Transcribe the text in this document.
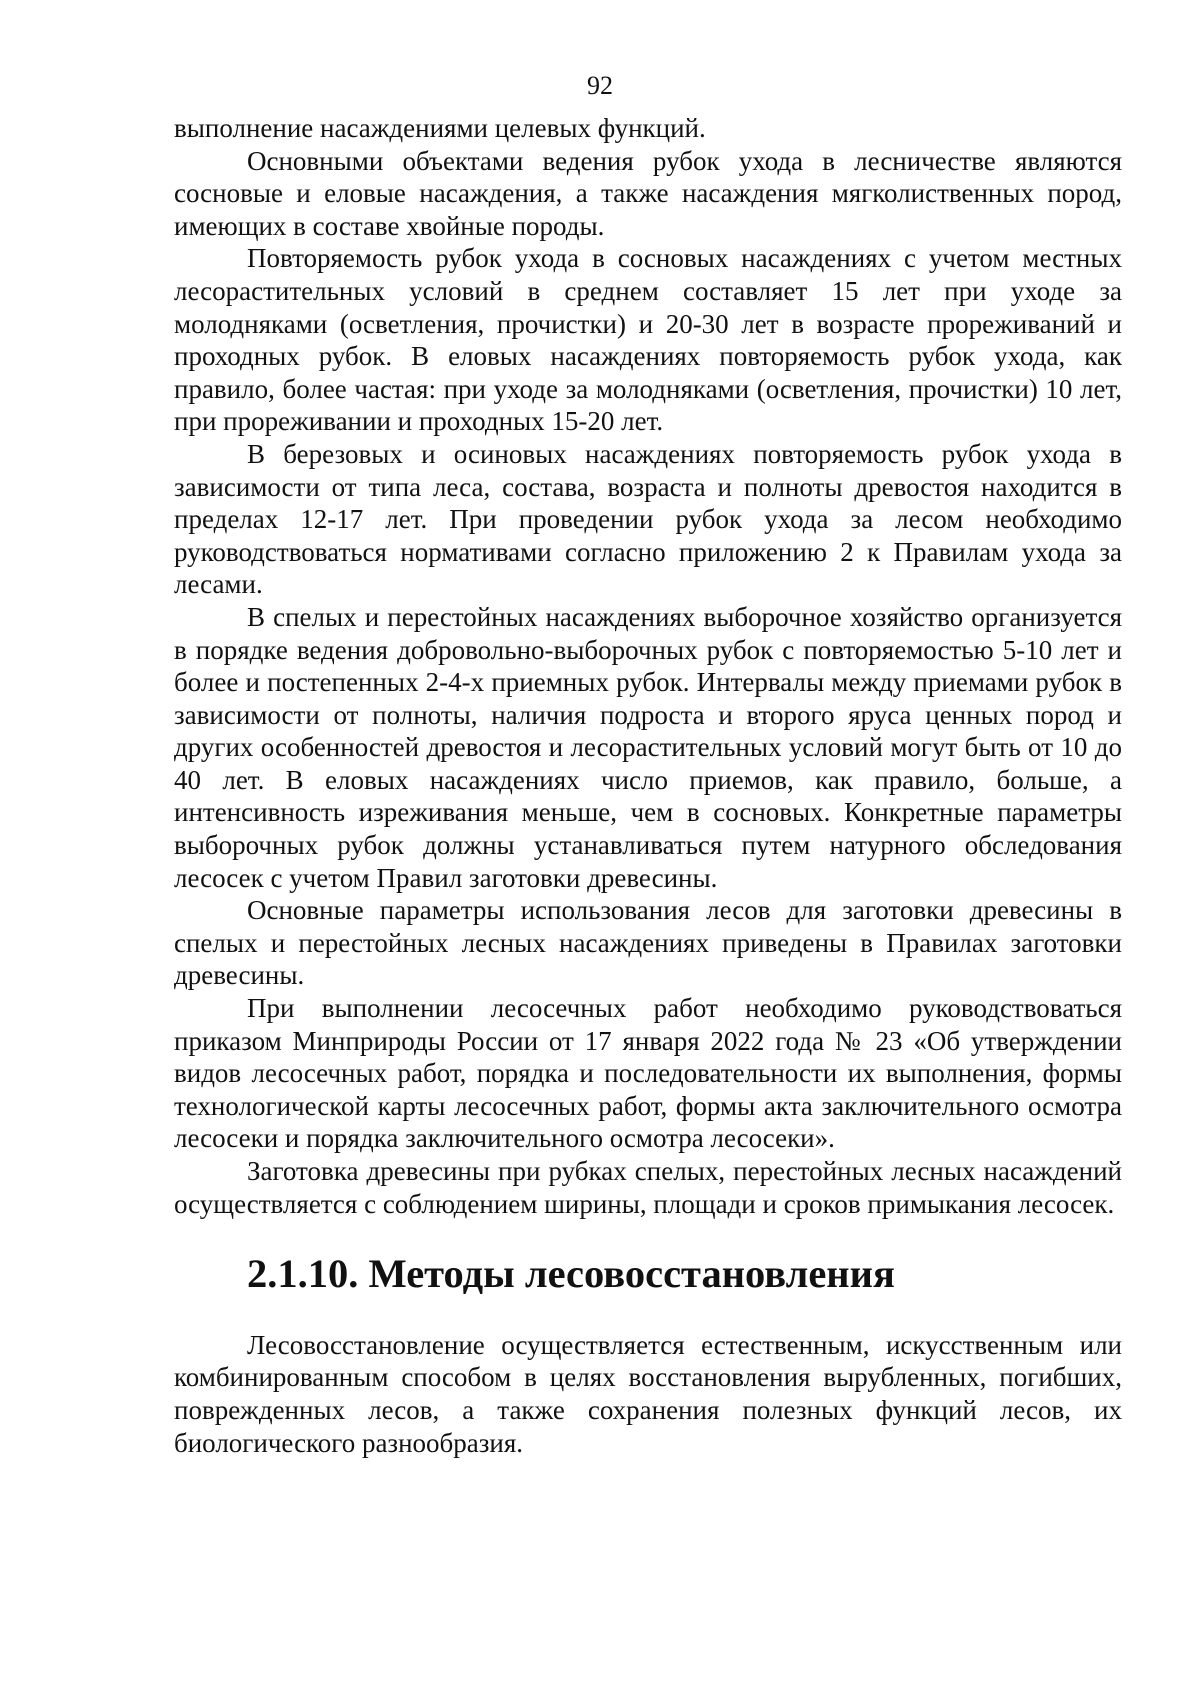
92

выполнение насаждениями целевых функций.

Основными объектами ведения рубок ухода в лесничестве являются сосновые и еловые насаждения, а также насаждения мягколиственных пород, имеющих в составе хвойные породы.

Повторяемость рубок ухода в сосновых насаждениях с учетом местных лесорастительных условий в среднем составляет 15 лет при уходе за молодняками (осветления, прочистки) и 20-30 лет в возрасте прореживаний и проходных рубок. В еловых насаждениях повторяемость рубок ухода, как правило, более частая: при уходе за молодняками (осветления, прочистки) 10 лет, при прореживании и проходных 15-20 лет.

В березовых и осиновых насаждениях повторяемость рубок ухода в зависимости от типа леса, состава, возраста и полноты древостоя находится в пределах 12-17 лет. При проведении рубок ухода за лесом необходимо руководствоваться нормативами согласно приложению 2 к Правилам ухода за лесами.

В спелых и перестойных насаждениях выборочное хозяйство организуется в порядке ведения добровольно-выборочных рубок с повторяемостью 5-10 лет и более и постепенных 2-4-х приемных рубок. Интервалы между приемами рубок в зависимости от полноты, наличия подроста и второго яруса ценных пород и других особенностей древостоя и лесорастительных условий могут быть от 10 до 40 лет. В еловых насаждениях число приемов, как правило, больше, а интенсивность изреживания меньше, чем в сосновых. Конкретные параметры выборочных рубок должны устанавливаться путем натурного обследования лесосек с учетом Правил заготовки древесины.

Основные параметры использования лесов для заготовки древесины в спелых и перестойных лесных насаждениях приведены в Правилах заготовки древесины.

При выполнении лесосечных работ необходимо руководствоваться приказом Минприроды России от 17 января 2022 года № 23 «Об утверждении видов лесосечных работ, порядка и последовательности их выполнения, формы технологической карты лесосечных работ, формы акта заключительного осмотра лесосеки и порядка заключительного осмотра лесосеки».

Заготовка древесины при рубках спелых, перестойных лесных насаждений осуществляется с соблюдением ширины, площади и сроков примыкания лесосек.

2.1.10. Методы лесовосстановления

Лесовосстановление осуществляется естественным, искусственным или комбинированным способом в целях восстановления вырубленных, погибших, поврежденных лесов, а также сохранения полезных функций лесов, их биологического разнообразия.
